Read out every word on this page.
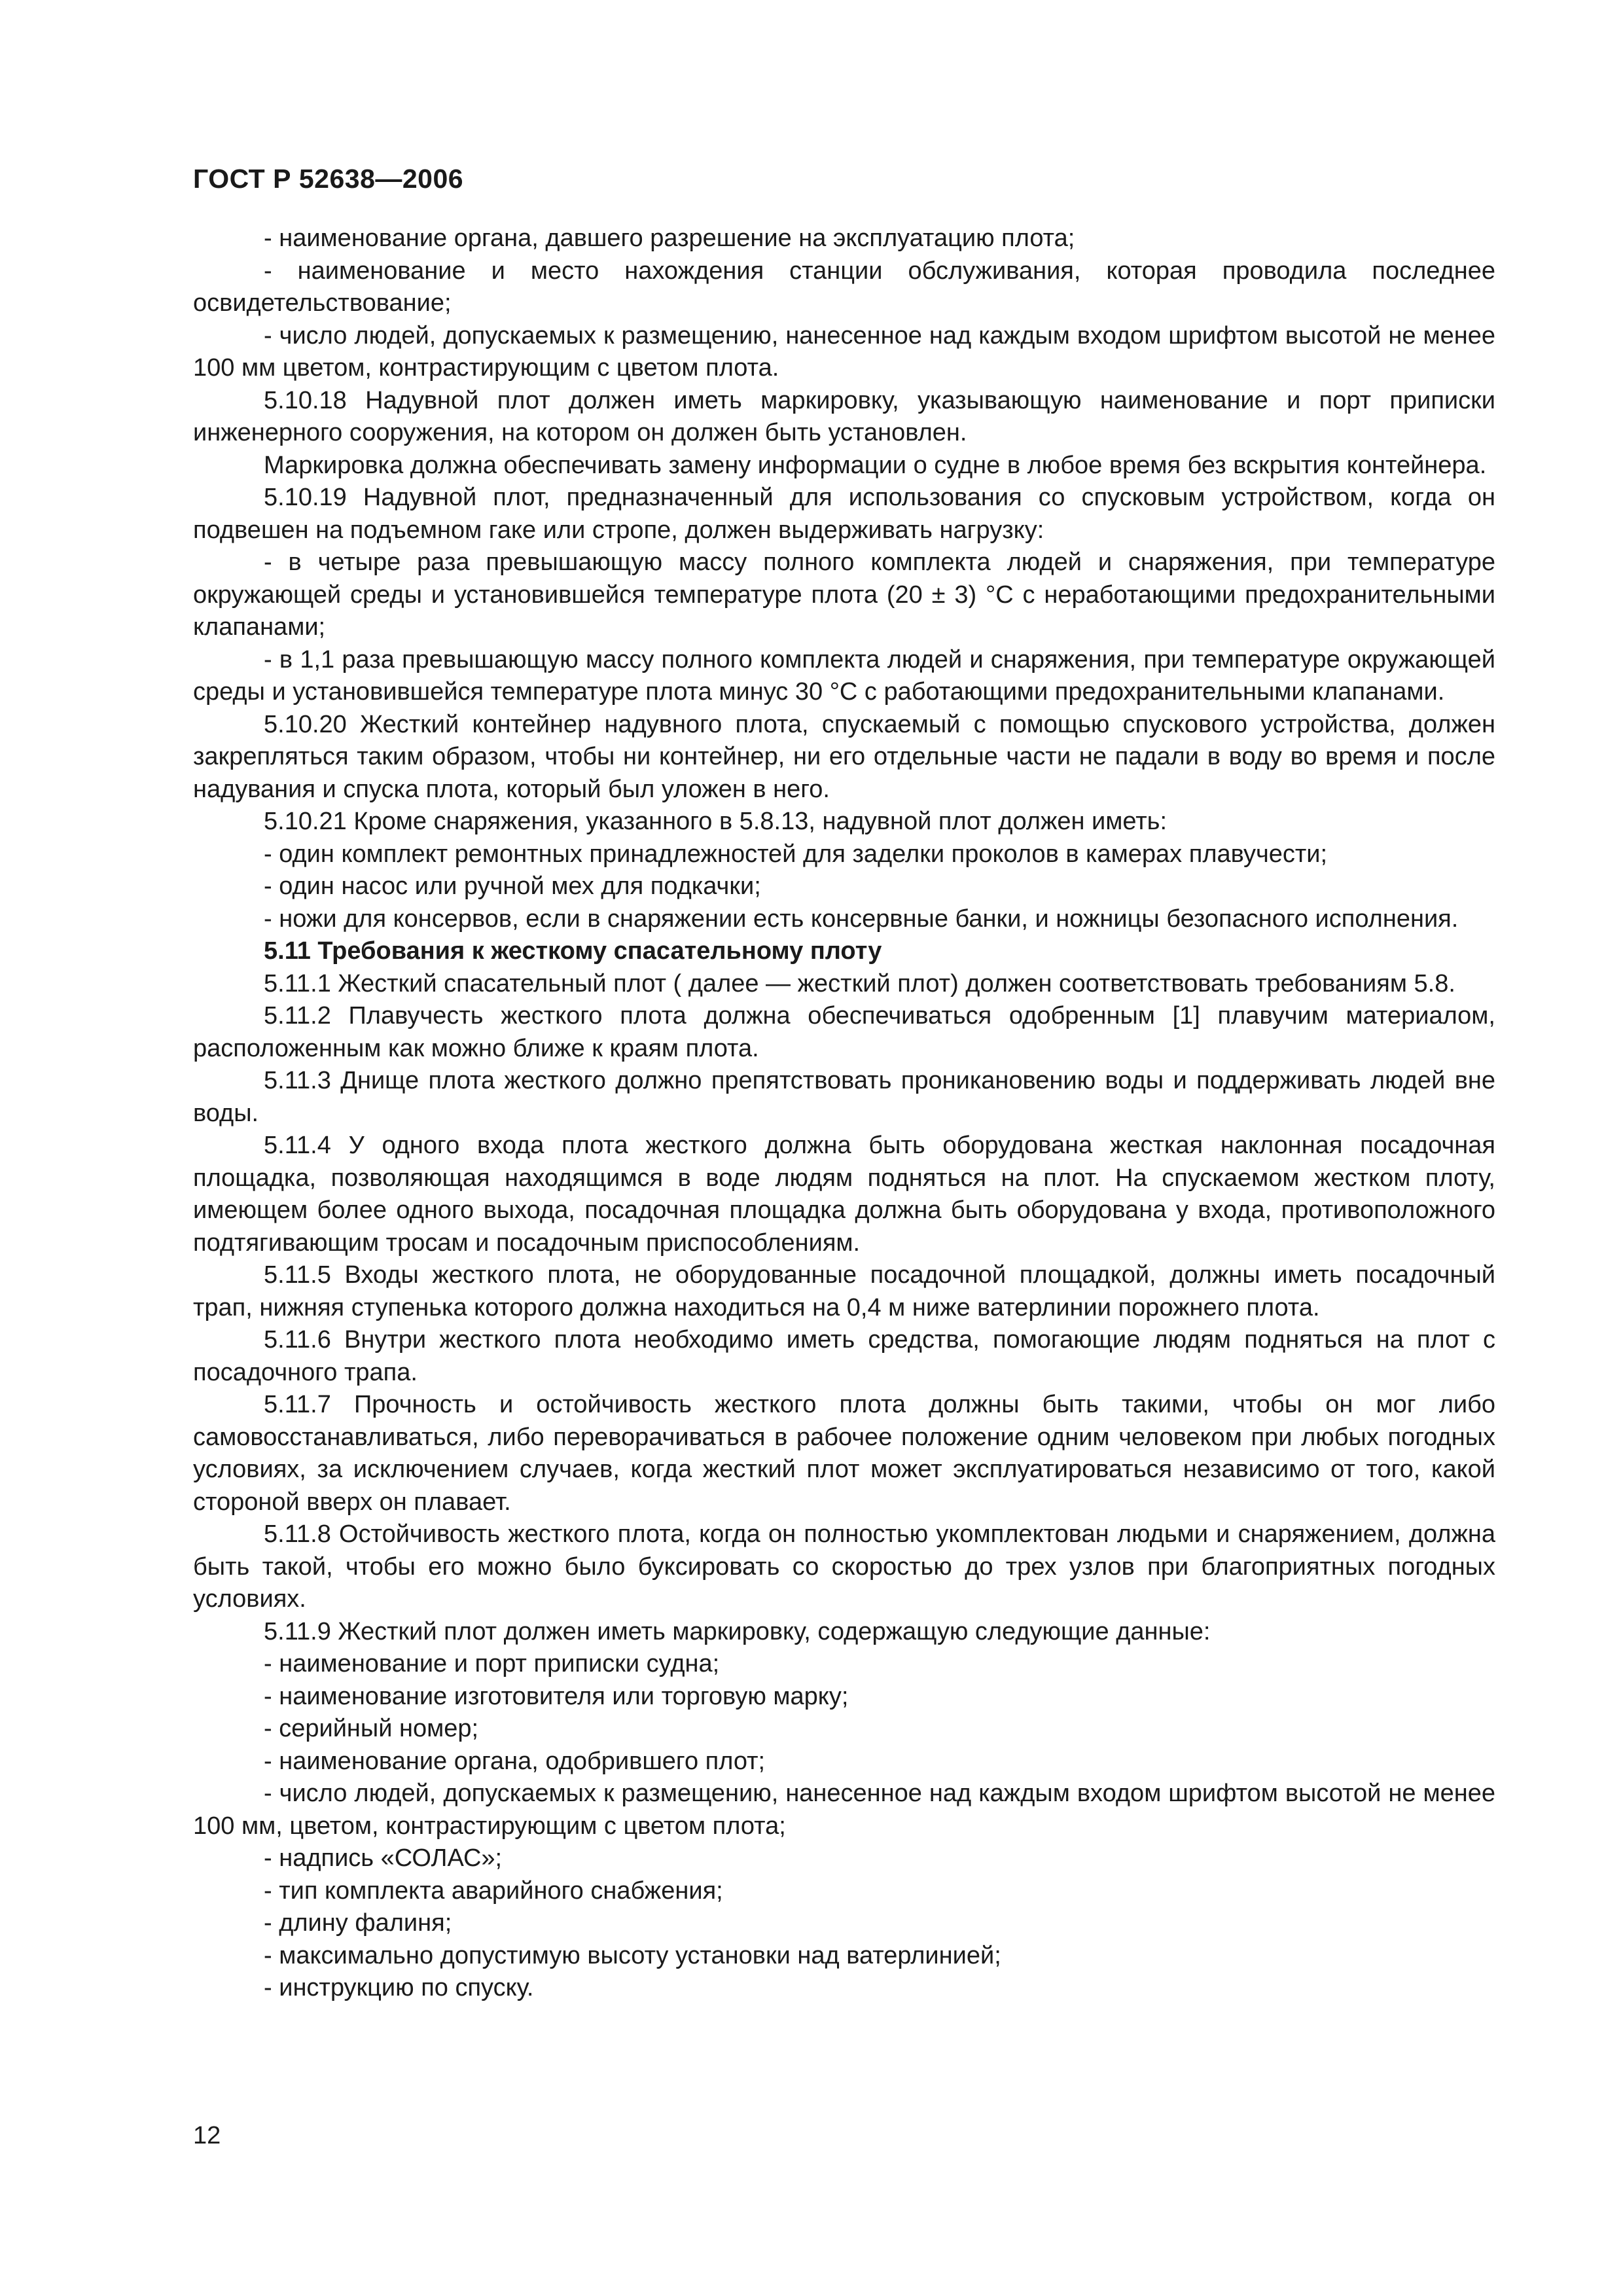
ГОСТ Р 52638—2006

- наименование органа, давшего разрешение на эксплуатацию плота;

- наименование и место нахождения станции обслуживания, которая проводила последнее освидетельствование;

- число людей, допускаемых к размещению, нанесенное над каждым входом шрифтом высотой не менее 100 мм цветом, контрастирующим с цветом плота.

5.10.18 Надувной плот должен иметь маркировку, указывающую наименование и порт приписки инженерного сооружения, на котором он должен быть установлен.

Маркировка должна обеспечивать замену информации о судне в любое время без вскрытия контейнера.

5.10.19 Надувной плот, предназначенный для использования со спусковым устройством, когда он подвешен на подъемном гаке или стропе, должен выдерживать нагрузку:

- в четыре раза превышающую массу полного комплекта людей и снаряжения, при температуре окружающей среды и установившейся температуре плота (20 ± 3) °С с неработающими предохранительными клапанами;

- в 1,1 раза превышающую массу полного комплекта людей и снаряжения, при температуре окружающей среды и установившейся температуре плота минус 30 °С с работающими предохранительными клапанами.

5.10.20 Жесткий контейнер надувного плота, спускаемый с помощью спускового устройства, должен закрепляться таким образом, чтобы ни контейнер, ни его отдельные части не падали в воду во время и после надувания и спуска плота, который был уложен в него.

5.10.21 Кроме снаряжения, указанного в 5.8.13, надувной плот должен иметь:

- один комплект ремонтных принадлежностей для заделки проколов в камерах плавучести;

- один насос или ручной мех для подкачки;

- ножи для консервов, если в снаряжении есть консервные банки, и ножницы безопасного исполнения.

5.11 Требования к жесткому спасательному плоту

5.11.1 Жесткий спасательный плот ( далее — жесткий плот) должен соответствовать требованиям 5.8.

5.11.2 Плавучесть жесткого плота должна обеспечиваться одобренным [1] плавучим материалом, расположенным как можно ближе к краям плота.

5.11.3 Днище плота жесткого должно препятствовать проникановению воды и поддерживать людей вне воды.

5.11.4 У одного входа плота жесткого должна быть оборудована жесткая наклонная посадочная площадка, позволяющая находящимся в воде людям подняться на плот. На спускаемом жестком плоту, имеющем более одного выхода, посадочная площадка должна быть оборудована у входа, противоположного подтягивающим тросам и посадочным приспособлениям.

5.11.5 Входы жесткого плота, не оборудованные посадочной площадкой, должны иметь посадочный трап, нижняя ступенька которого должна находиться на 0,4 м ниже ватерлинии порожнего плота.

5.11.6 Внутри жесткого плота необходимо иметь средства, помогающие людям подняться на плот с посадочного трапа.

5.11.7 Прочность и остойчивость жесткого плота должны быть такими, чтобы он мог либо самовосстанавливаться, либо переворачиваться в рабочее положение одним человеком при любых погодных условиях, за исключением случаев, когда жесткий плот может эксплуатироваться независимо от того, какой стороной вверх он плавает.

5.11.8 Остойчивость жесткого плота, когда он полностью укомплектован людьми и снаряжением, должна быть такой, чтобы его можно было буксировать со скоростью до трех узлов при благоприятных погодных условиях.

5.11.9 Жесткий плот должен иметь маркировку, содержащую следующие данные:

- наименование и порт приписки судна;

- наименование изготовителя или торговую марку;

- серийный номер;

- наименование органа, одобрившего плот;

- число людей, допускаемых к размещению, нанесенное над каждым входом шрифтом высотой не менее 100 мм, цветом, контрастирующим с цветом плота;

- надпись «СОЛАС»;

- тип комплекта аварийного снабжения;

- длину фалиня;

- максимально допустимую высоту установки над ватерлинией;

- инструкцию по спуску.

12
